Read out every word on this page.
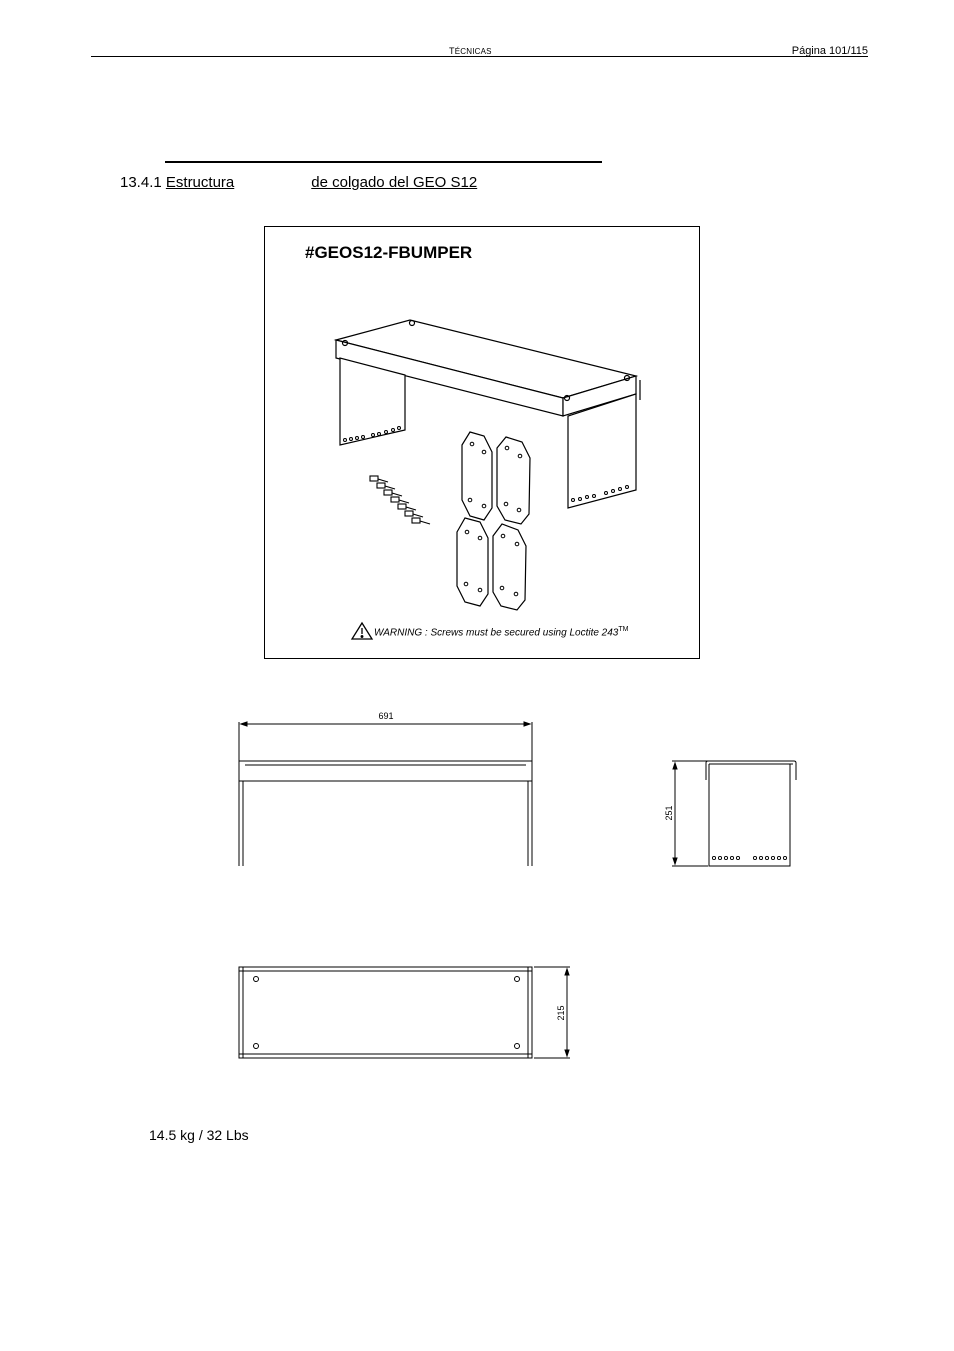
TÉCNICAS	Página 101/115
13.4.1 Estructura	de colgado del GEO S12
#GEOS12-FBUMPER
691
251
215
WARNING : Screws must be secured using Loctite 243™
14.5 kg / 32 Lbs
